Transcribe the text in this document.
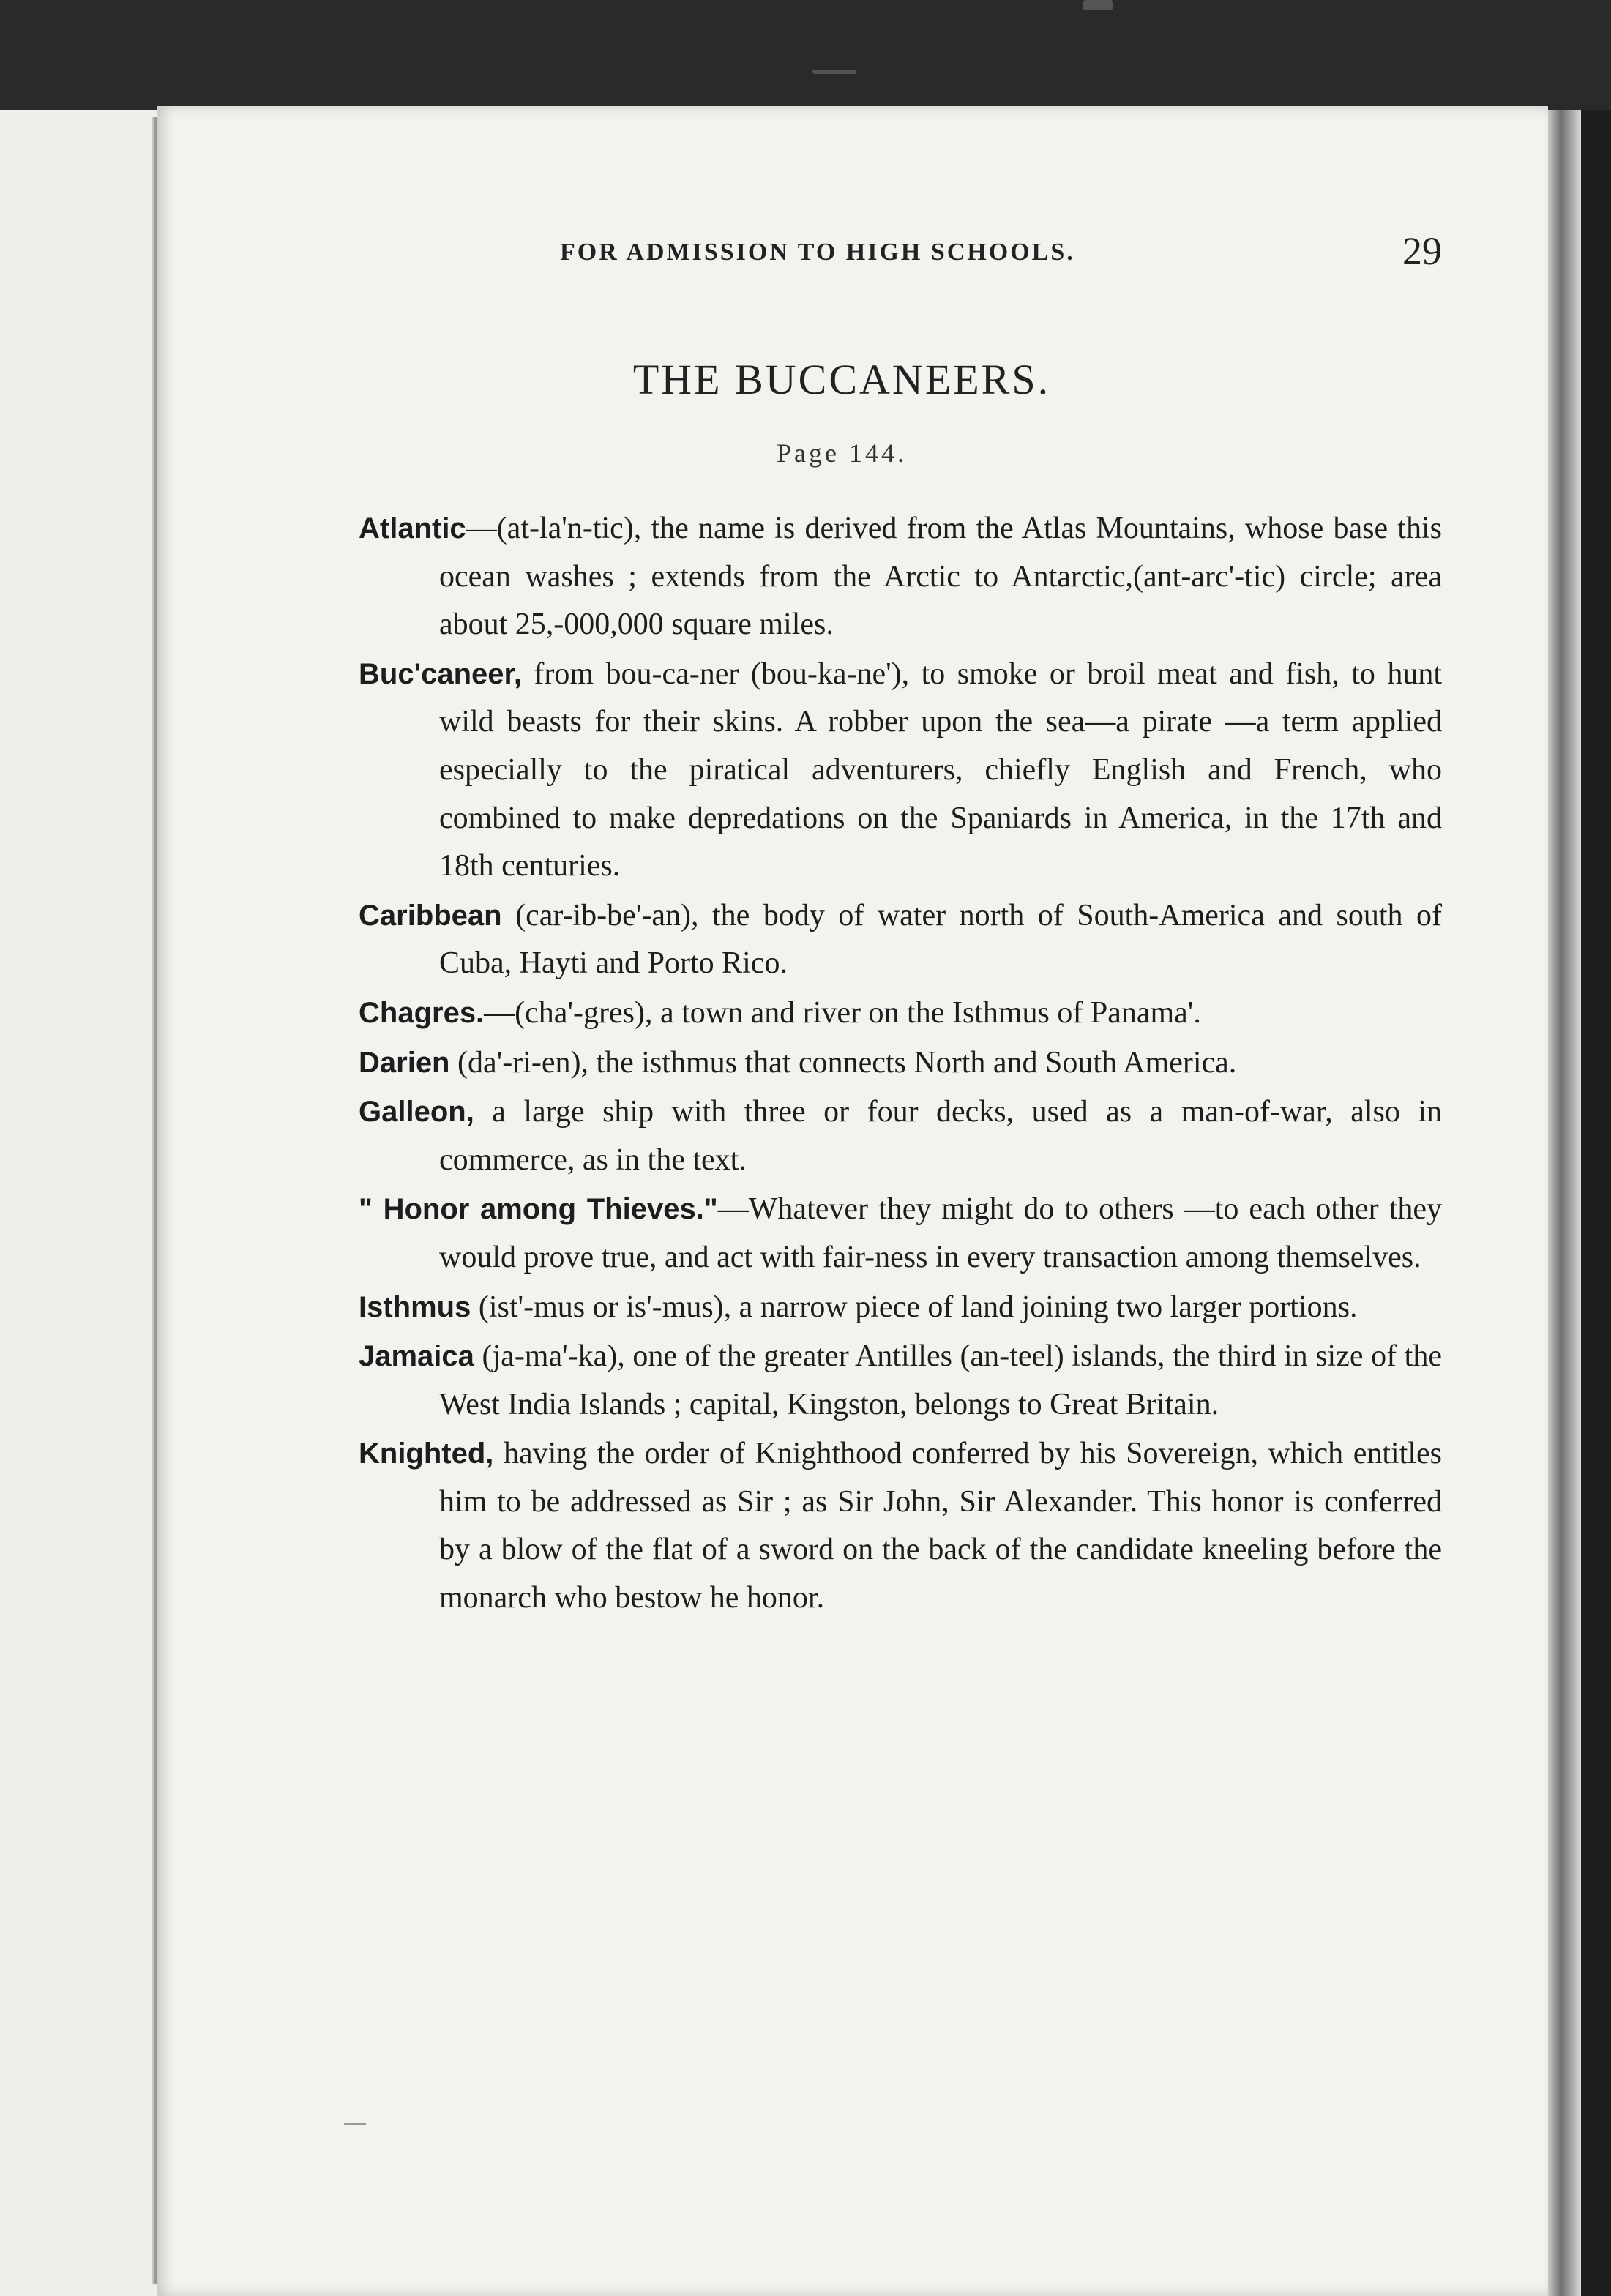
FOR ADMISSION TO HIGH SCHOOLS.	29
THE BUCCANEERS.
Page 144.

Atlantic—(at-la'n-tic), the name is derived from the Atlas Mountains, whose base this ocean washes ; extends from the Arctic to Antarctic,(ant-arc'-tic) circle; area about 25,-000,000 square miles.

Buc'caneer, from bou-ca-ner (bou-ka-ne'), to smoke or broil meat and fish, to hunt wild beasts for their skins. A robber upon the sea—a pirate —a term applied especially to the piratical adventurers, chiefly English and French, who combined to make depredations on the Spaniards in America, in the 17th and 18th centuries.

Caribbean (car-ib-be'-an), the body of water north of South-America and south of Cuba, Hayti and Porto Rico.

Chagres.—(cha'-gres), a town and river on the Isthmus of Panama'.

Darien (da'-ri-en), the isthmus that connects North and South America.

Galleon, a large ship with three or four decks, used as a man-of-war, also in commerce, as in the text.

" Honor among Thieves."—Whatever they might do to others —to each other they would prove true, and act with fair-ness in every transaction among themselves.

Isthmus (ist'-mus or is'-mus), a narrow piece of land joining two larger portions.

Jamaica (ja-ma'-ka), one of the greater Antilles (an-teel) islands, the third in size of the West India Islands ; capital, Kingston, belongs to Great Britain.

Knighted, having the order of Knighthood conferred by his Sovereign, which entitles him to be addressed as Sir ; as Sir John, Sir Alexander. This honor is conferred by a blow of the flat of a sword on the back of the candidate kneeling before the monarch who bestow he honor.
